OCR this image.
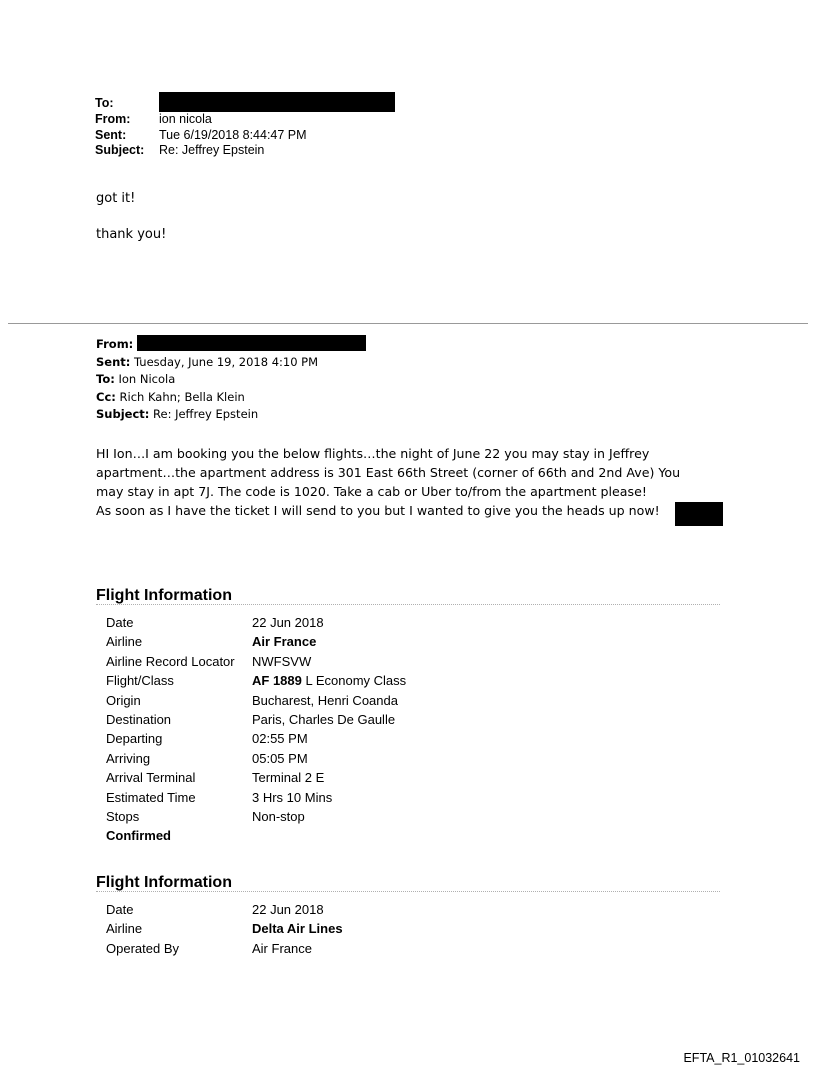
To:
From:	ion nicola
Sent:	Tue 6/19/2018 8:44:47 PM
Subject:	Re: Jeffrey Epstein
got it!
thank you!
From:
Sent: Tuesday, June 19, 2018 4:10 PM
To: Ion Nicola
Cc: Rich Kahn; Bella Klein
Subject: Re: Jeffrey Epstein
HI Ion…I am booking you the below flights…the night of June 22 you may stay in Jeffrey
apartment…the apartment address is 301 East 66th Street (corner of 66th and 2nd Ave) You
may stay in apt 7J. The code is 1020. Take a cab or Uber to/from the apartment please!
As soon as I have the ticket I will send to you but I wanted to give you the heads up now!
Flight Information
Date	22 Jun 2018
Airline	Air France
Airline Record Locator	NWFSVW
Flight/Class	AF 1889 L Economy Class
Origin	Bucharest, Henri Coanda
Destination	Paris, Charles De Gaulle
Departing	02:55 PM
Arriving	05:05 PM
Arrival Terminal	Terminal 2 E
Estimated Time	3 Hrs 10 Mins
Stops	Non-stop
Confirmed
Flight Information
Date	22 Jun 2018
Airline	Delta Air Lines
Operated By	Air France
EFTA_R1_01032641
